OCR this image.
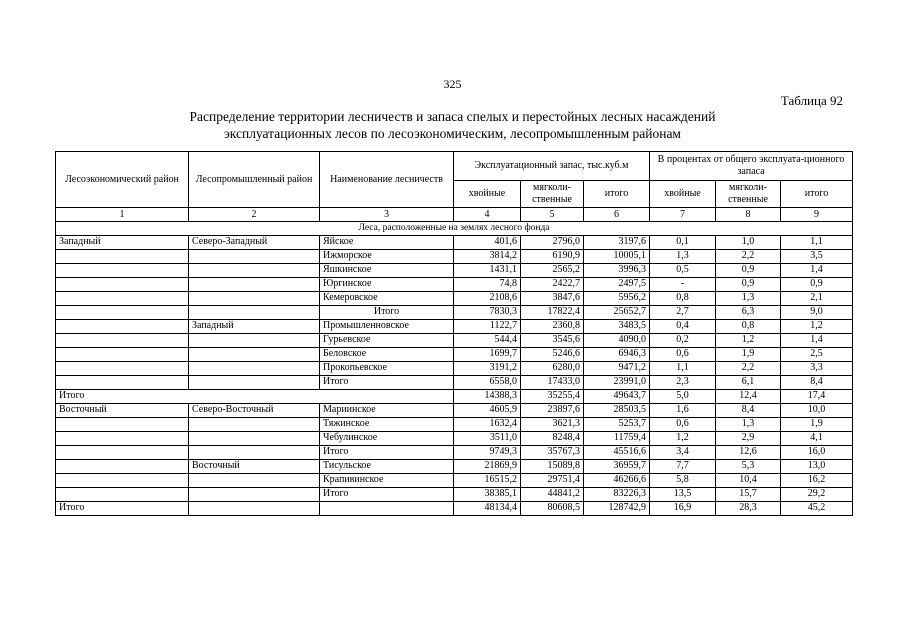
325
Таблица 92
Распределение территории лесничеств и запаса спелых и перестойных лесных насаждений
эксплуатационных лесов по лесоэкономическим, лесопромышленным районам
Лесоэкономический район	Лесопромышленный район	Наименование лесничеств	Эксплуатационный запас, тыс.куб.м			В процентах от общего эксплуата-ционного запаса		
			хвойные	мягколи-ственные	итого	хвойные	мягколи-ственные	итого
1	2	3	4	5	6	7	8	9
Леса, расположенные на землях лесного фонда								
Западный	Северо-Западный	Яйское	401,6	2796,0	3197,6	0,1	1,0	1,1
		Ижморское	3814,2	6190,9	10005,1	1,3	2,2	3,5
		Яшкинское	1431,1	2565,2	3996,3	0,5	0,9	1,4
		Юргинское	74,8	2422,7	2497,5	-	0,9	0,9
		Кемеровское	2108,6	3847,6	5956,2	0,8	1,3	2,1
		Итого	7830,3	17822,4	25652,7	2,7	6,3	9,0
	Западный	Промышленновское	1122,7	2360,8	3483,5	0,4	0,8	1,2
		Гурьевское	544,4	3545,6	4090,0	0,2	1,2	1,4
		Беловское	1699,7	5246,6	6946,3	0,6	1,9	2,5
		Прокопьевское	3191,2	6280,0	9471,2	1,1	2,2	3,3
		Итого	6558,0	17433,0	23991,0	2,3	6,1	8,4
Итого			14388,3	35255,4	49643,7	5,0	12,4	17,4
Восточный	Северо-Восточный	Мариинское	4605,9	23897,6	28503,5	1,6	8,4	10,0
		Тяжинское	1632,4	3621,3	5253,7	0,6	1,3	1,9
		Чебулинское	3511,0	8248,4	11759,4	1,2	2,9	4,1
		Итого	9749,3	35767,3	45516,6	3,4	12,6	16,0
	Восточный	Тисульское	21869,9	15089,8	36959,7	7,7	5,3	13,0
		Крапивинское	16515,2	29751,4	46266,6	5,8	10,4	16,2
		Итого	38385,1	44841,2	83226,3	13,5	15,7	29,2
Итого			48134,4	80608,5	128742,9	16,9	28,3	45,2
